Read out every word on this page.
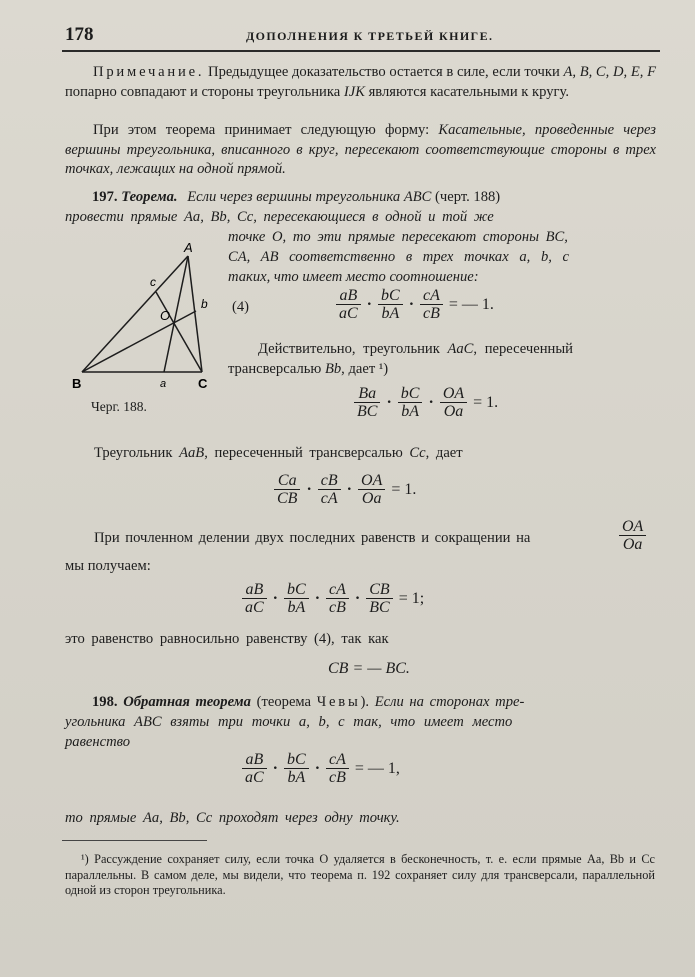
178	ДОПОЛНЕНИЯ К ТРЕТЬЕЙ КНИГЕ.
Примечание. Предыдущее доказательство остается в силе, если точки A, B, C, D, E, F попарно совпадают и стороны треугольника IJK являются касательными к кругу.
При этом теорема принимает следующую форму: Касательные, проведенные через вершины треугольника, вписанного в круг, пересекают соответствующие стороны в трех точках, лежащих на одной прямой.
197. Теорема. Если через вершины треугольника ABC (черт. 188)
провести прямые Aa, Bb, Cc, пересекающиеся в одной и той же
точке O, то эти прямые пересекают стороны BC,
CA, AB соответственно в трех точках a, b, c
таких, что имеет место соотношение:
A
B	C
a
b
c
O
Черг. 188.
(4)	$\frac{aB}{aC} \cdot \frac{bC}{bA} \cdot \frac{cA}{cB}$ = — 1.
Действительно, треугольник AaC, пересеченный
трансверсалью Bb, дает ¹)
$\frac{Ba}{BC} \cdot \frac{bC}{bA} \cdot \frac{OA}{Oa} = 1$.
Треугольник AaB, пересеченный трансверсалью Cc, дает
$\frac{Ca}{CB} \cdot \frac{cB}{cA} \cdot \frac{OA}{Oa} = 1$.
При почленном делении двух последних равенств и сокращении на	$\frac{OA}{Oa}$
мы получаем:
$\frac{aB}{aC} \cdot \frac{bC}{bA} \cdot \frac{cA}{cB} \cdot \frac{CB}{BC} = 1$;
это равенство равносильно равенству (4), так как
CB = — BC.
198. Обратная теорема (теорема Чевы). Если на сторонах тре-
угольника ABC взяты три точки a, b, c так, что имеет место
равенство
$\frac{aB}{aC} \cdot \frac{bC}{bA} \cdot \frac{cA}{cB}$ = — 1,
то прямые Aa, Bb, Cc проходят через одну точку.
¹) Рассуждение сохраняет силу, если точка O удаляется в бесконечность, т. е. если прямые Aa, Bb и Cc параллельны. В самом деле, мы видели, что теорема п. 192 сохраняет силу для трансверсали, параллельной одной из сторон треугольника.
